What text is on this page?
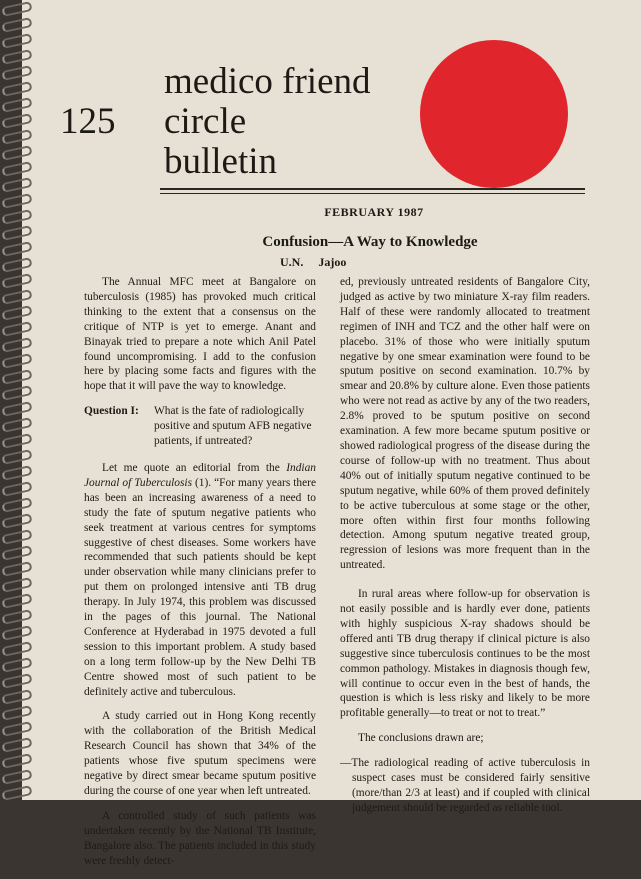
125
medico friend
circle
bulletin
FEBRUARY 1987
Confusion—A Way to Knowledge
U.N. Jajoo

The Annual MFC meet at Bangalore on tuberculosis (1985) has provoked much critical thinking to the extent that a consensus on the critique of NTP is yet to emerge. Anant and Binayak tried to prepare a note which Anil Patel found uncompromising. I add to the confusion here by placing some facts and figures with the hope that it will pave the way to knowledge.

Question I:	What is the fate of radiologically positive and sputum AFB negative patients, if untreated?

Let me quote an editorial from the Indian Journal of Tuberculosis (1). “For many years there has been an increasing awareness of a need to study the fate of sputum negative patients who seek treatment at various centres for symptoms suggestive of chest diseases. Some workers have recommended that such patients should be kept under observation while many clinicians prefer to put them on prolonged intensive anti TB drug therapy. In July 1974, this problem was discussed in the pages of this journal. The National Conference at Hyderabad in 1975 devoted a full session to this important problem. A study based on a long term follow-up by the New Delhi TB Centre showed most of such patient to be definitely active and tuberculous.

A study carried out in Hong Kong recently with the collaboration of the British Medical Research Council has shown that 34% of the patients whose five sputum specimens were negative by direct smear became sputum positive during the course of one year when left untreated.

A controlled study of such patients was undertaken recently by the National TB Institute, Bangalore also. The patients included in this study were freshly detect-

ed, previously untreated residents of Bangalore City, judged as active by two miniature X-ray film readers. Half of these were randomly allocated to treatment regimen of INH and TCZ and the other half were on placebo. 31% of those who were initially sputum negative by one smear examination were found to be sputum positive on second examination. 10.7% by smear and 20.8% by culture alone. Even those patients who were not read as active by any of the two readers, 2.8% proved to be sputum positive on second examination. A few more became sputum positive or showed radiological progress of the disease during the course of follow-up with no treatment. Thus about 40% out of initially sputum negative continued to be sputum negative, while 60% of them proved definitely to be active tuberculous at some stage or the other, more often within first four months following detection. Among sputum negative treated group, regression of lesions was more frequent than in the untreated.

In rural areas where follow-up for observation is not easily possible and is hardly ever done, patients with highly suspicious X-ray shadows should be offered anti TB drug therapy if clinical picture is also suggestive since tuberculosis continues to be the most common pathology. Mistakes in diagnosis though few, will continue to occur even in the best of hands, the question is which is less risky and likely to be more profitable generally—to treat or not to treat.”

The conclusions drawn are;

—The radiological reading of active tuberculosis in suspect cases must be considered fairly sensitive (more/than 2/3 at least) and if coupled with clinical judgement should be regarded as reliable tool.
